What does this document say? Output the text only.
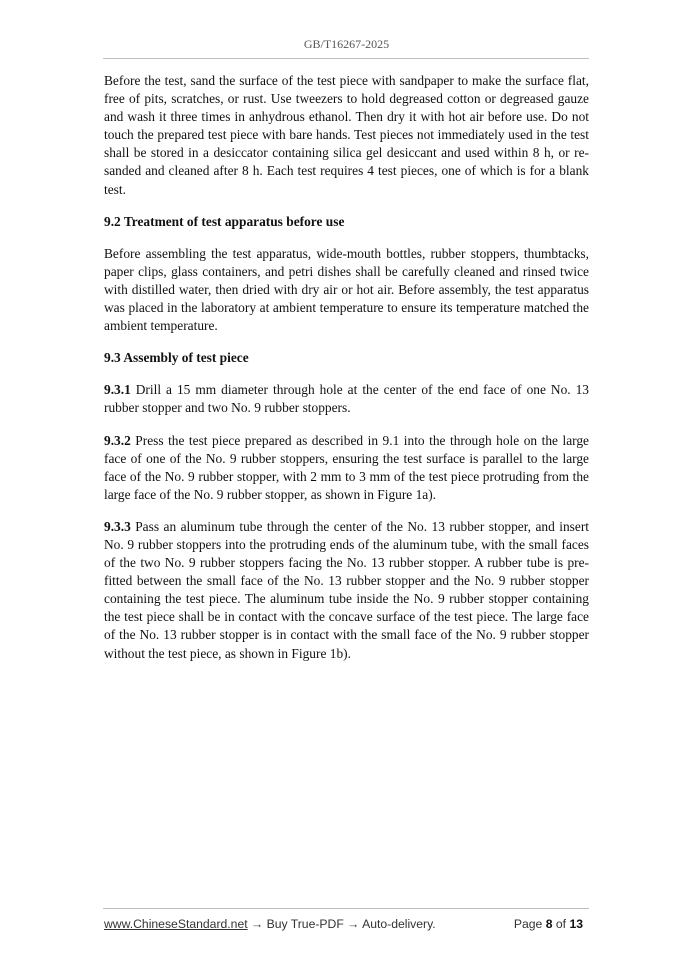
GB/T16267-2025

Before the test, sand the surface of the test piece with sandpaper to make the surface flat, free of pits, scratches, or rust. Use tweezers to hold degreased cotton or degreased gauze and wash it three times in anhydrous ethanol. Then dry it with hot air before use. Do not touch the prepared test piece with bare hands. Test pieces not immediately used in the test shall be stored in a desiccator containing silica gel desiccant and used within 8 h, or re-sanded and cleaned after 8 h. Each test requires 4 test pieces, one of which is for a blank test.

9.2 Treatment of test apparatus before use

Before assembling the test apparatus, wide-mouth bottles, rubber stoppers, thumbtacks, paper clips, glass containers, and petri dishes shall be carefully cleaned and rinsed twice with distilled water, then dried with dry air or hot air. Before assembly, the test apparatus was placed in the laboratory at ambient temperature to ensure its temperature matched the ambient temperature.

9.3 Assembly of test piece

9.3.1 Drill a 15 mm diameter through hole at the center of the end face of one No. 13 rubber stopper and two No. 9 rubber stoppers.

9.3.2 Press the test piece prepared as described in 9.1 into the through hole on the large face of one of the No. 9 rubber stoppers, ensuring the test surface is parallel to the large face of the No. 9 rubber stopper, with 2 mm to 3 mm of the test piece protruding from the large face of the No. 9 rubber stopper, as shown in Figure 1a).

9.3.3 Pass an aluminum tube through the center of the No. 13 rubber stopper, and insert No. 9 rubber stoppers into the protruding ends of the aluminum tube, with the small faces of the two No. 9 rubber stoppers facing the No. 13 rubber stopper. A rubber tube is pre-fitted between the small face of the No. 13 rubber stopper and the No. 9 rubber stopper containing the test piece. The aluminum tube inside the No. 9 rubber stopper containing the test piece shall be in contact with the concave surface of the test piece. The large face of the No. 13 rubber stopper is in contact with the small face of the No. 9 rubber stopper without the test piece, as shown in Figure 1b).

www.ChineseStandard.net → Buy True-PDF → Auto-delivery.	Page 8 of 13
